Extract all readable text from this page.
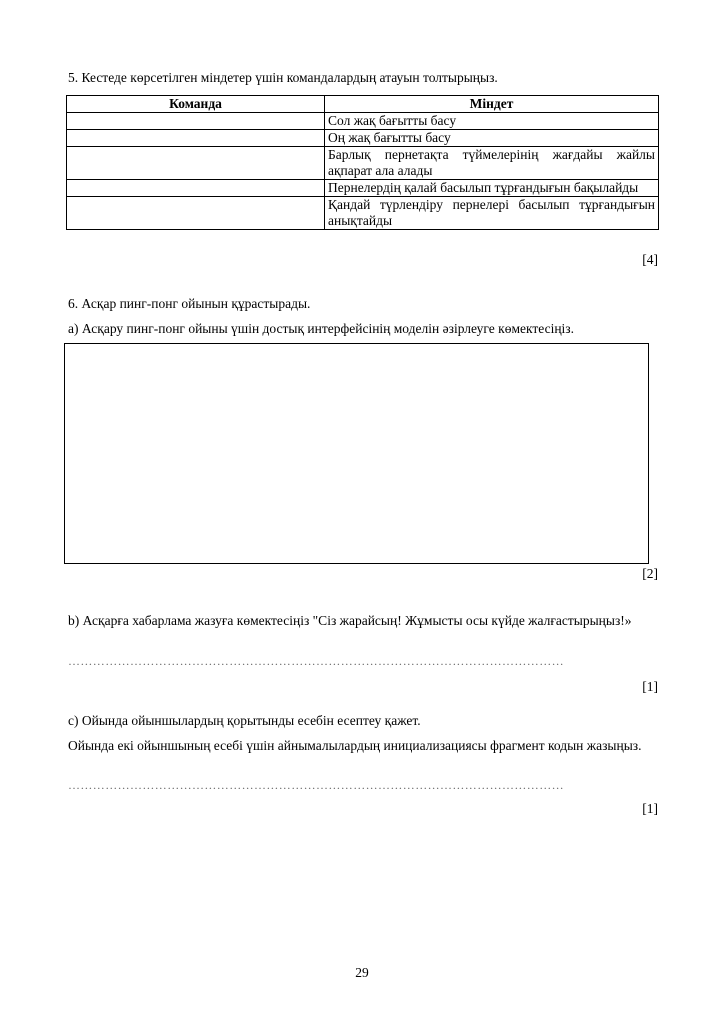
5. Кестеде көрсетілген міндетер үшін командалардың атауын толтырыңыз.
Команда	Міндет
	Сол жақ бағытты басу
	Оң жақ бағытты басу
	Барлық пернетақта түймелерінің жағдайы жайлы ақпарат ала алады
	Пернелердің қалай басылып тұрғандығын бақылайды
	Қандай түрлендіру пернелері басылып тұрғандығын анықтайды
[4]
6. Асқар пинг-понг ойынын құрастырады.
a) Асқару пинг-понг ойыны үшін достық интерфейсінің моделін әзірлеуге көмектесіңіз.
[2]
b) Асқарға хабарлама жазуға көмектесіңіз "Сіз жарайсың! Жұмысты осы күйде жалғастырыңыз!»
…………………………………………………………………………………………………………
[1]
c) Ойында ойыншылардың қорытынды есебін есептеу қажет.
Ойында екі ойыншының есебі үшін айнымалылардың инициализациясы фрагмент кодын жазыңыз.
…………………………………………………………………………………………………………
[1]
29
